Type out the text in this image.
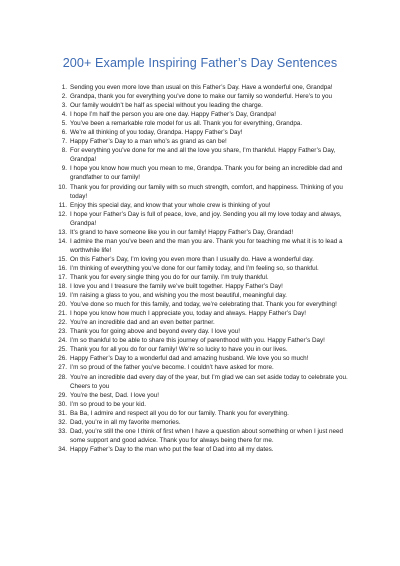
200+ Example Inspiring Father’s Day Sentences
1. Sending you even more love than usual on this Father’s Day. Have a wonderful one, Grandpa!
2. Grandpa, thank you for everything you’ve done to make our family so wonderful. Here’s to you
3. Our family wouldn’t be half as special without you leading the charge.
4. I hope I’m half the person you are one day. Happy Father’s Day, Grandpa!
5. You’ve been a remarkable role model for us all. Thank you for everything, Grandpa.
6. We’re all thinking of you today, Grandpa. Happy Father’s Day!
7. Happy Father’s Day to a man who’s as grand as can be!
8. For everything you’ve done for me and all the love you share, I’m thankful. Happy Father’s Day, Grandpa!
9. I hope you know how much you mean to me, Grandpa. Thank you for being an incredible dad and grandfather to our family!
10. Thank you for providing our family with so much strength, comfort, and happiness. Thinking of you today!
11. Enjoy this special day, and know that your whole crew is thinking of you!
12. I hope your Father’s Day is full of peace, love, and joy. Sending you all my love today and always, Grandpa!
13. It’s grand to have someone like you in our family! Happy Father’s Day, Grandad!
14. I admire the man you’ve been and the man you are. Thank you for teaching me what it is to lead a worthwhile life!
15. On this Father’s Day, I’m loving you even more than I usually do. Have a wonderful day.
16. I’m thinking of everything you’ve done for our family today, and I’m feeling so, so thankful.
17. Thank you for every single thing you do for our family. I’m truly thankful.
18. I love you and I treasure the family we’ve built together. Happy Father’s Day!
19. I’m raising a glass to you, and wishing you the most beautiful, meaningful day.
20. You’ve done so much for this family, and today, we’re celebrating that. Thank you for everything!
21. I hope you know how much I appreciate you, today and always. Happy Father’s Day!
22. You’re an incredible dad and an even better partner.
23. Thank you for going above and beyond every day. I love you!
24. I’m so thankful to be able to share this journey of parenthood with you. Happy Father’s Day!
25. Thank you for all you do for our family! We’re so lucky to have you in our lives.
26. Happy Father’s Day to a wonderful dad and amazing husband. We love you so much!
27. I’m so proud of the father you’ve become. I couldn’t have asked for more.
28. You’re an incredible dad every day of the year, but I’m glad we can set aside today to celebrate you. Cheers to you
29. You’re the best, Dad. I love you!
30. I’m so proud to be your kid.
31. Ba Ba, I admire and respect all you do for our family. Thank you for everything.
32. Dad, you’re in all my favorite memories.
33. Dad, you’re still the one I think of first when I have a question about something or when I just need some support and good advice. Thank you for always being there for me.
34. Happy Father’s Day to the man who put the fear of Dad into all my dates.
